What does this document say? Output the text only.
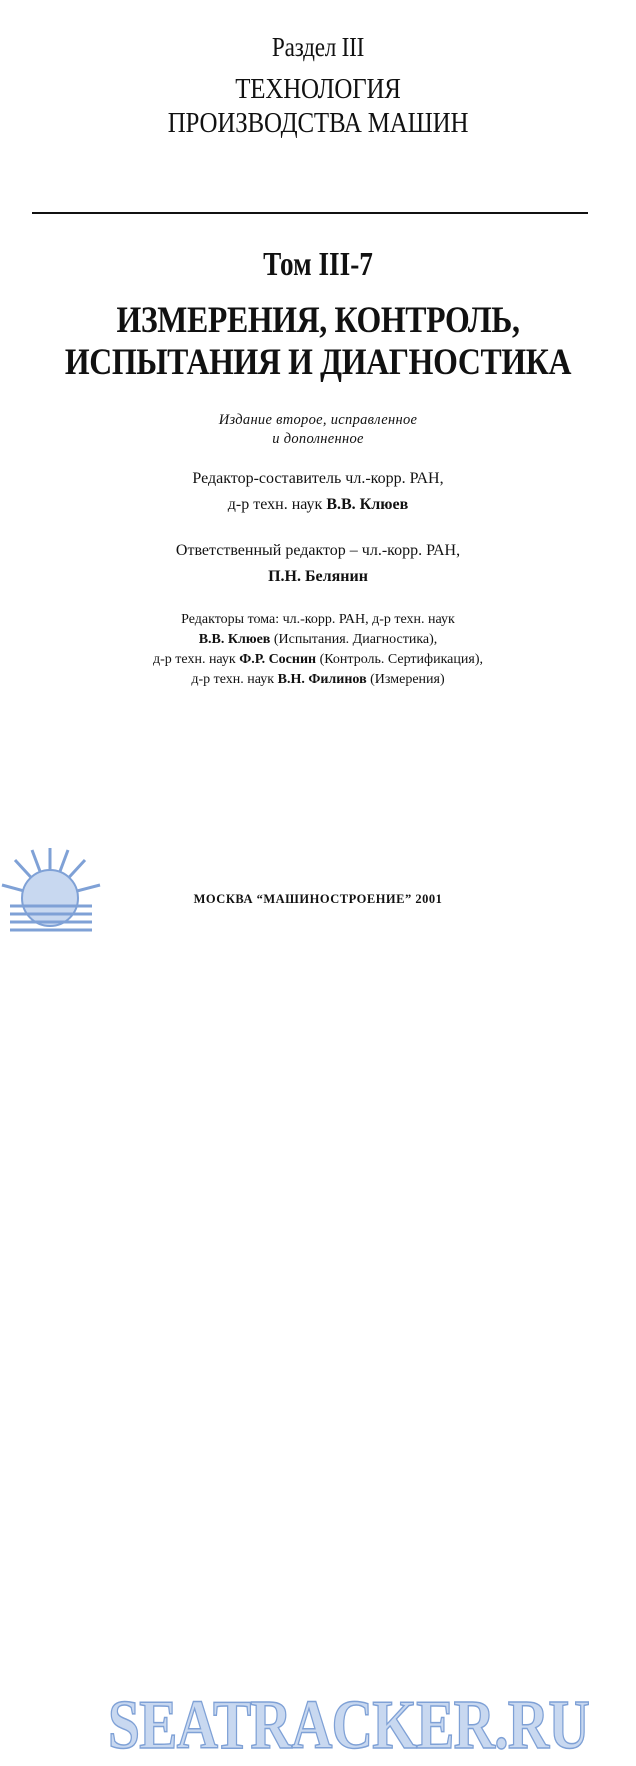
Раздел III
ТЕХНОЛОГИЯ
ПРОИЗВОДСТВА МАШИН
Том III-7
ИЗМЕРЕНИЯ, КОНТРОЛЬ,
ИСПЫТАНИЯ И ДИАГНОСТИКА
Издание второе, исправленное
и дополненное
Редактор-составитель чл.-корр. РАН,
д-р техн. наук В.В. Клюев
Ответственный редактор – чл.-корр. РАН,
П.Н. Белянин
Редакторы тома: чл.-корр. РАН, д-р техн. наук
В.В. Клюев (Испытания. Диагностика),
д-р техн. наук Ф.Р. Соснин (Контроль. Сертификация),
д-р техн. наук В.Н. Филинов (Измерения)
SEATRACKER.RU
МОСКВА “МАШИНОСТРОЕНИЕ” 2001
